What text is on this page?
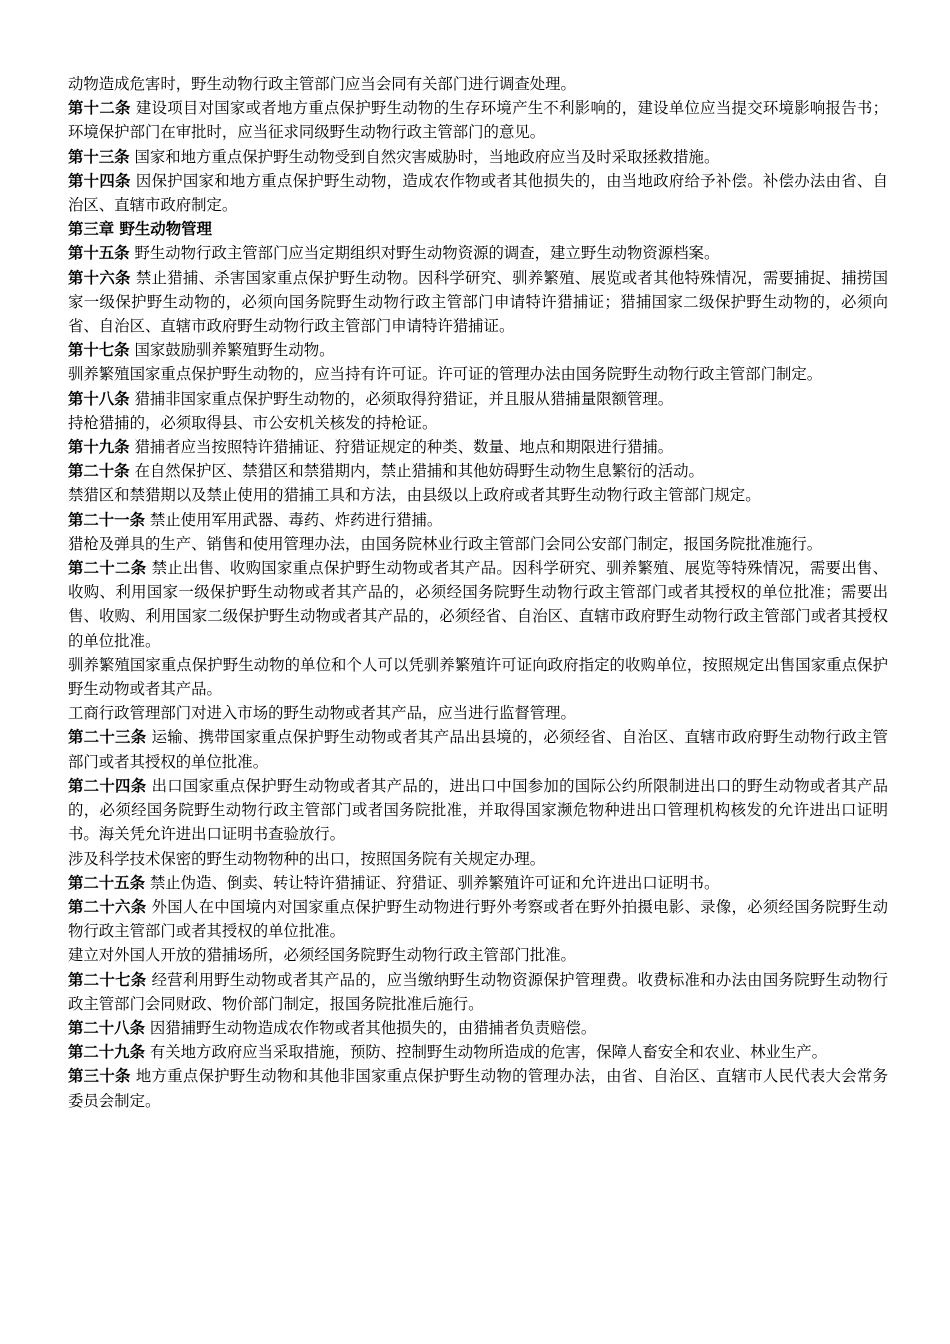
动物造成危害时，野生动物行政主管部门应当会同有关部门进行调查处理。

第十二条 建设项目对国家或者地方重点保护野生动物的生存环境产生不利影响的，建设单位应当提交环境影响报告书；环境保护部门在审批时，应当征求同级野生动物行政主管部门的意见。

第十三条 国家和地方重点保护野生动物受到自然灾害威胁时，当地政府应当及时采取拯救措施。

第十四条 因保护国家和地方重点保护野生动物，造成农作物或者其他损失的，由当地政府给予补偿。补偿办法由省、自治区、直辖市政府制定。

第三章 野生动物管理

第十五条 野生动物行政主管部门应当定期组织对野生动物资源的调查，建立野生动物资源档案。

第十六条 禁止猎捕、杀害国家重点保护野生动物。因科学研究、驯养繁殖、展览或者其他特殊情况，需要捕捉、捕捞国家一级保护野生动物的，必须向国务院野生动物行政主管部门申请特许猎捕证；猎捕国家二级保护野生动物的，必须向省、自治区、直辖市政府野生动物行政主管部门申请特许猎捕证。

第十七条 国家鼓励驯养繁殖野生动物。

驯养繁殖国家重点保护野生动物的，应当持有许可证。许可证的管理办法由国务院野生动物行政主管部门制定。

第十八条 猎捕非国家重点保护野生动物的，必须取得狩猎证，并且服从猎捕量限额管理。

持枪猎捕的，必须取得县、市公安机关核发的持枪证。

第十九条 猎捕者应当按照特许猎捕证、狩猎证规定的种类、数量、地点和期限进行猎捕。

第二十条 在自然保护区、禁猎区和禁猎期内，禁止猎捕和其他妨碍野生动物生息繁衍的活动。

禁猎区和禁猎期以及禁止使用的猎捕工具和方法，由县级以上政府或者其野生动物行政主管部门规定。

第二十一条 禁止使用军用武器、毒药、炸药进行猎捕。

猎枪及弹具的生产、销售和使用管理办法，由国务院林业行政主管部门会同公安部门制定，报国务院批准施行。

第二十二条 禁止出售、收购国家重点保护野生动物或者其产品。因科学研究、驯养繁殖、展览等特殊情况，需要出售、收购、利用国家一级保护野生动物或者其产品的，必须经国务院野生动物行政主管部门或者其授权的单位批准；需要出售、收购、利用国家二级保护野生动物或者其产品的，必须经省、自治区、直辖市政府野生动物行政主管部门或者其授权的单位批准。

驯养繁殖国家重点保护野生动物的单位和个人可以凭驯养繁殖许可证向政府指定的收购单位，按照规定出售国家重点保护野生动物或者其产品。

工商行政管理部门对进入市场的野生动物或者其产品，应当进行监督管理。

第二十三条 运输、携带国家重点保护野生动物或者其产品出县境的，必须经省、自治区、直辖市政府野生动物行政主管部门或者其授权的单位批准。

第二十四条 出口国家重点保护野生动物或者其产品的，进出口中国参加的国际公约所限制进出口的野生动物或者其产品的，必须经国务院野生动物行政主管部门或者国务院批准，并取得国家濒危物种进出口管理机构核发的允许进出口证明书。海关凭允许进出口证明书查验放行。

涉及科学技术保密的野生动物物种的出口，按照国务院有关规定办理。

第二十五条 禁止伪造、倒卖、转让特许猎捕证、狩猎证、驯养繁殖许可证和允许进出口证明书。

第二十六条 外国人在中国境内对国家重点保护野生动物进行野外考察或者在野外拍摄电影、录像，必须经国务院野生动物行政主管部门或者其授权的单位批准。

建立对外国人开放的猎捕场所，必须经国务院野生动物行政主管部门批准。

第二十七条 经营利用野生动物或者其产品的，应当缴纳野生动物资源保护管理费。收费标准和办法由国务院野生动物行政主管部门会同财政、物价部门制定，报国务院批准后施行。

第二十八条 因猎捕野生动物造成农作物或者其他损失的，由猎捕者负责赔偿。

第二十九条 有关地方政府应当采取措施，预防、控制野生动物所造成的危害，保障人畜安全和农业、林业生产。

第三十条 地方重点保护野生动物和其他非国家重点保护野生动物的管理办法，由省、自治区、直辖市人民代表大会常务委员会制定。
